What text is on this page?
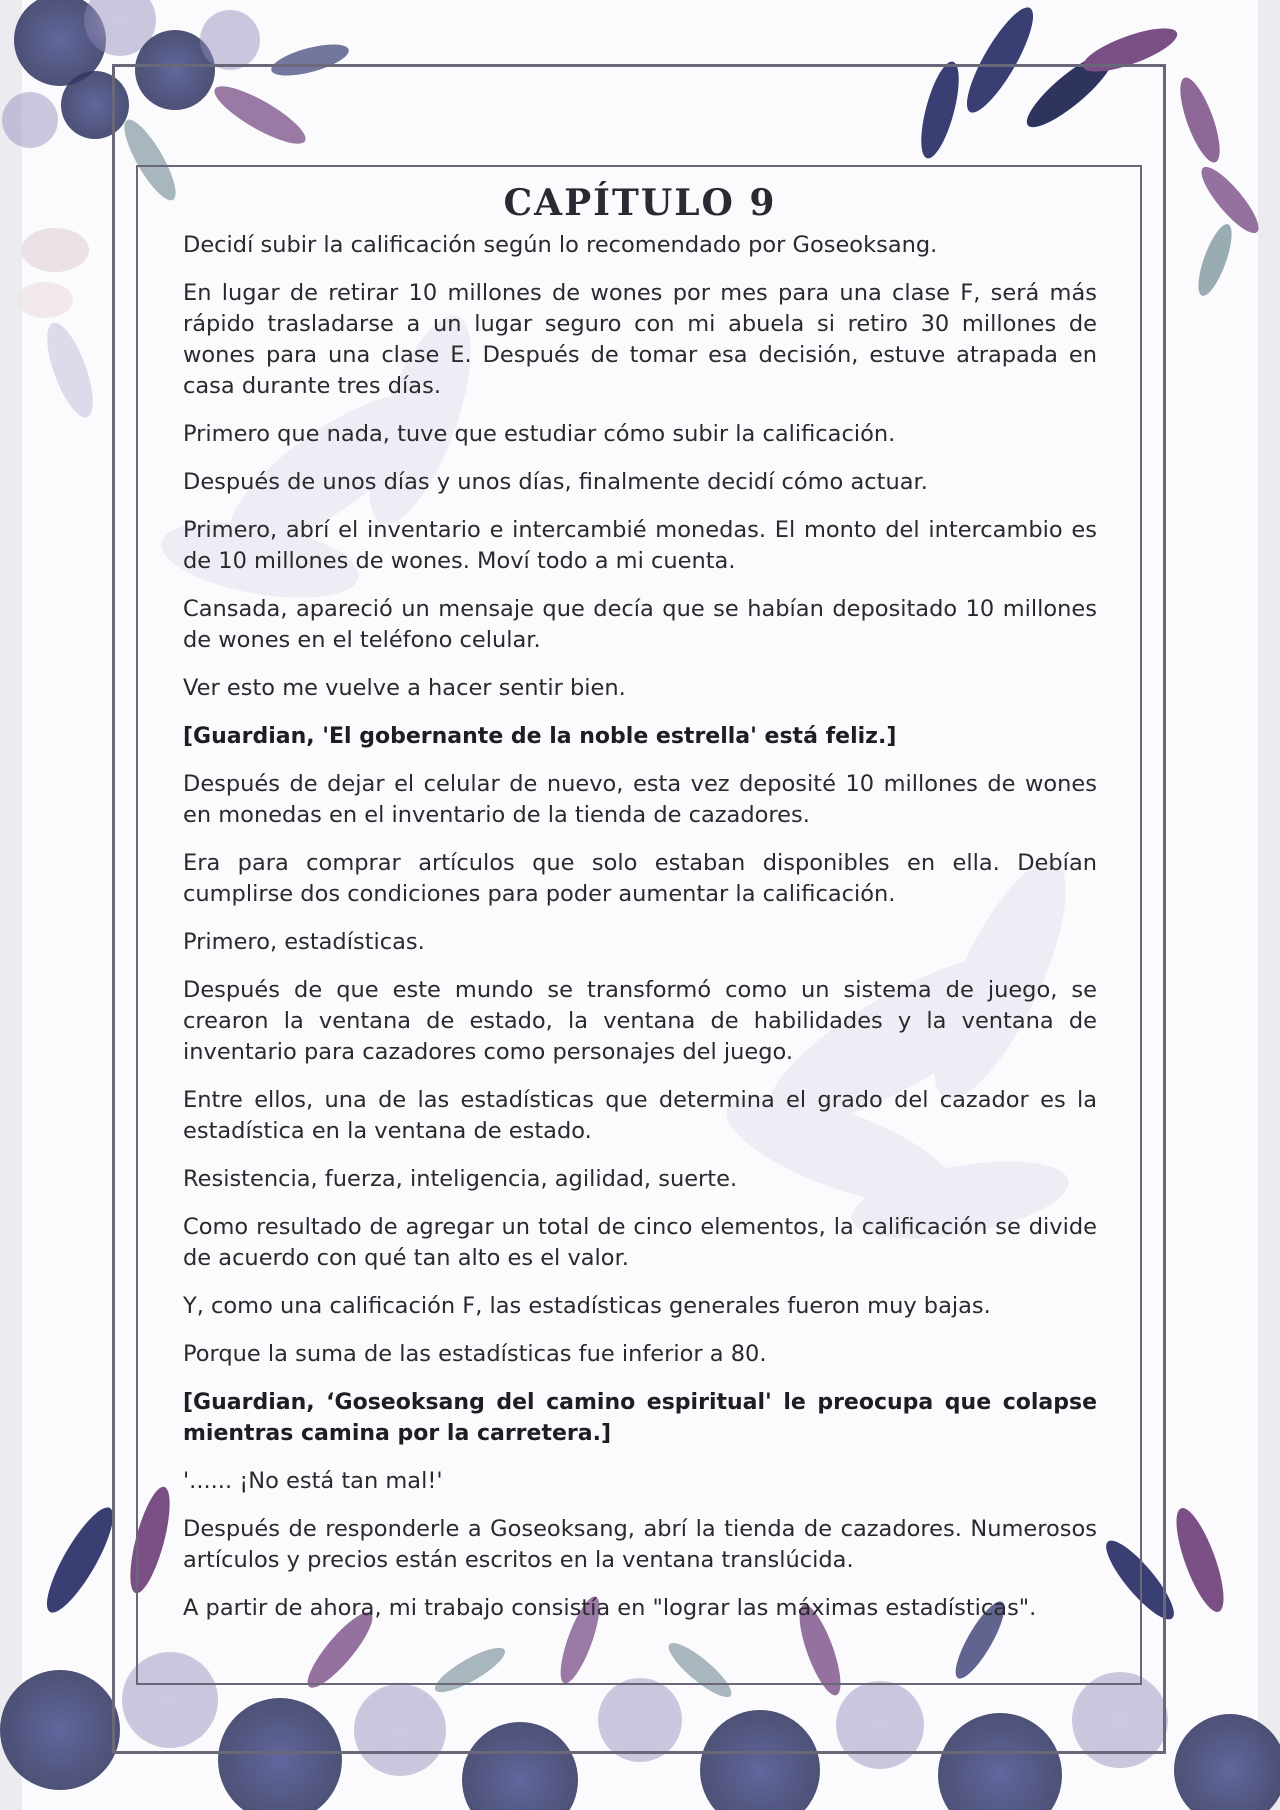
CAPÍTULO 9

Decidí subir la calificación según lo recomendado por Goseoksang.

En lugar de retirar 10 millones de wones por mes para una clase F, será más rápido trasladarse a un lugar seguro con mi abuela si retiro 30 millones de wones para una clase E. Después de tomar esa decisión, estuve atrapada en casa durante tres días.

Primero que nada, tuve que estudiar cómo subir la calificación.

Después de unos días y unos días, finalmente decidí cómo actuar.

Primero, abrí el inventario e intercambié monedas. El monto del intercambio es de 10 millones de wones. Moví todo a mi cuenta.

Cansada, apareció un mensaje que decía que se habían depositado 10 millones de wones en el teléfono celular.

Ver esto me vuelve a hacer sentir bien.

[Guardian, 'El gobernante de la noble estrella' está feliz.]

Después de dejar el celular de nuevo, esta vez deposité 10 millones de wones en monedas en el inventario de la tienda de cazadores.

Era para comprar artículos que solo estaban disponibles en ella. Debían cumplirse dos condiciones para poder aumentar la calificación.

Primero, estadísticas.

Después de que este mundo se transformó como un sistema de juego, se crearon la ventana de estado, la ventana de habilidades y la ventana de inventario para cazadores como personajes del juego.

Entre ellos, una de las estadísticas que determina el grado del cazador es la estadística en la ventana de estado.

Resistencia, fuerza, inteligencia, agilidad, suerte.

Como resultado de agregar un total de cinco elementos, la calificación se divide de acuerdo con qué tan alto es el valor.

Y, como una calificación F, las estadísticas generales fueron muy bajas.

Porque la suma de las estadísticas fue inferior a 80.

[Guardian, ‘Goseoksang del camino espiritual' le preocupa que colapse mientras camina por la carretera.]

'...... ¡No está tan mal!'

Después de responderle a Goseoksang, abrí la tienda de cazadores. Numerosos artículos y precios están escritos en la ventana translúcida.

A partir de ahora, mi trabajo consistía en "lograr las máximas estadísticas".
